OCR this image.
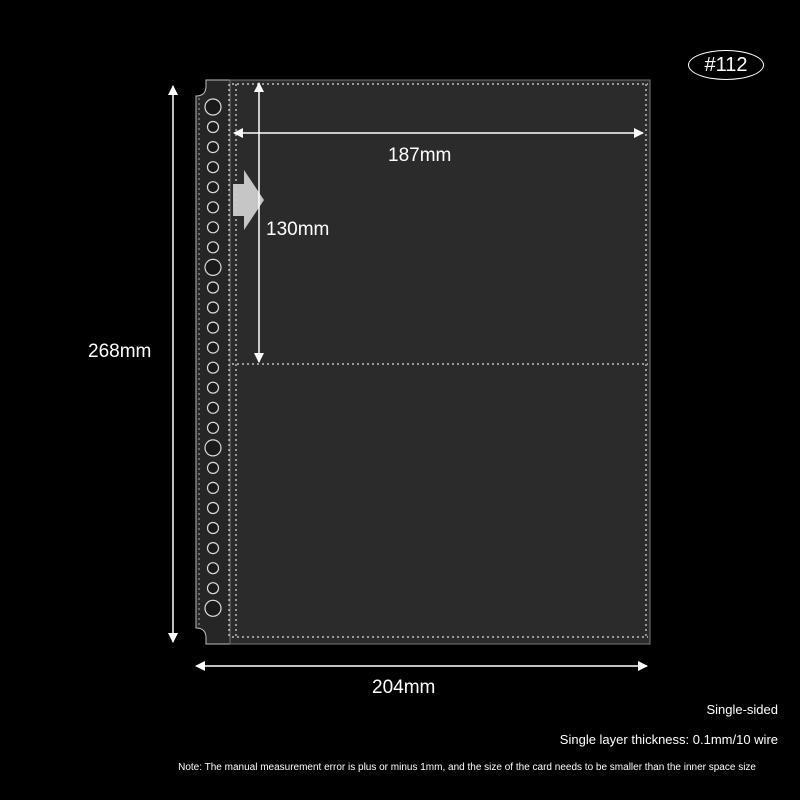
#112
187mm
130mm
268mm
204mm
Single-sided
Single layer thickness: 0.1mm/10 wire
Note: The manual measurement error is plus or minus 1mm, and the size of the card needs to be smaller than the inner space size
